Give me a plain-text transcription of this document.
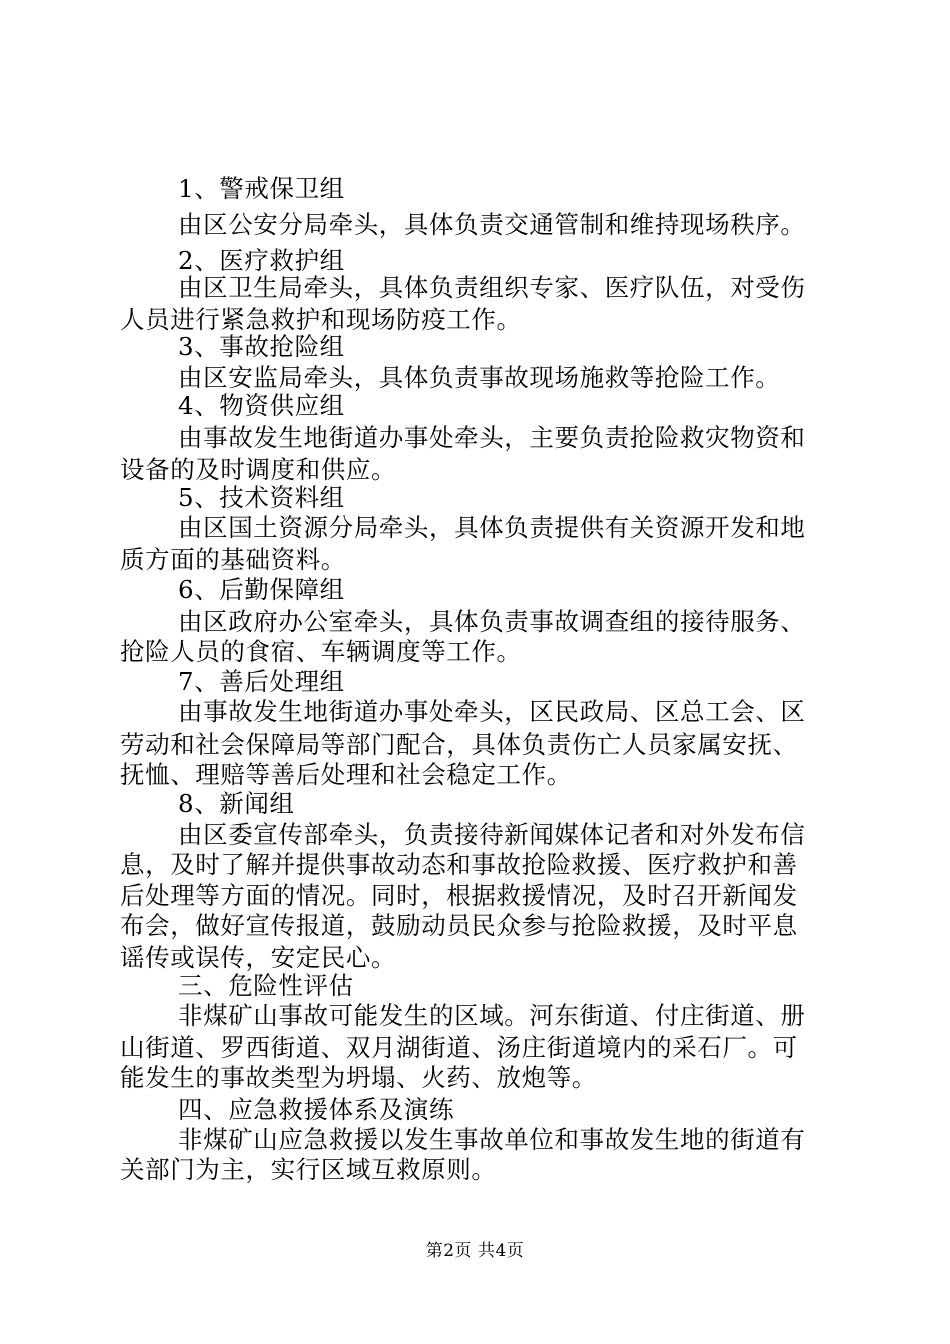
1、警戒保卫组
由区公安分局牵头，具体负责交通管制和维持现场秩序。
2、医疗救护组
由区卫生局牵头，具体负责组织专家、医疗队伍，对受伤
人员进行紧急救护和现场防疫工作。
3、事故抢险组
由区安监局牵头，具体负责事故现场施救等抢险工作。
4、物资供应组
由事故发生地街道办事处牵头，主要负责抢险救灾物资和
设备的及时调度和供应。
5、技术资料组
由区国土资源分局牵头，具体负责提供有关资源开发和地
质方面的基础资料。
6、后勤保障组
由区政府办公室牵头，具体负责事故调查组的接待服务、
抢险人员的食宿、车辆调度等工作。
7、善后处理组
由事故发生地街道办事处牵头，区民政局、区总工会、区
劳动和社会保障局等部门配合，具体负责伤亡人员家属安抚、
抚恤、理赔等善后处理和社会稳定工作。
8、新闻组
由区委宣传部牵头，负责接待新闻媒体记者和对外发布信
息，及时了解并提供事故动态和事故抢险救援、医疗救护和善
后处理等方面的情况。同时，根据救援情况，及时召开新闻发
布会，做好宣传报道，鼓励动员民众参与抢险救援，及时平息
谣传或误传，安定民心。
三、危险性评估
非煤矿山事故可能发生的区域。河东街道、付庄街道、册
山街道、罗西街道、双月湖街道、汤庄街道境内的采石厂。可
能发生的事故类型为坍塌、火药、放炮等。
四、应急救援体系及演练
非煤矿山应急救援以发生事故单位和事故发生地的街道有
关部门为主，实行区域互救原则。
第2页 共4页
